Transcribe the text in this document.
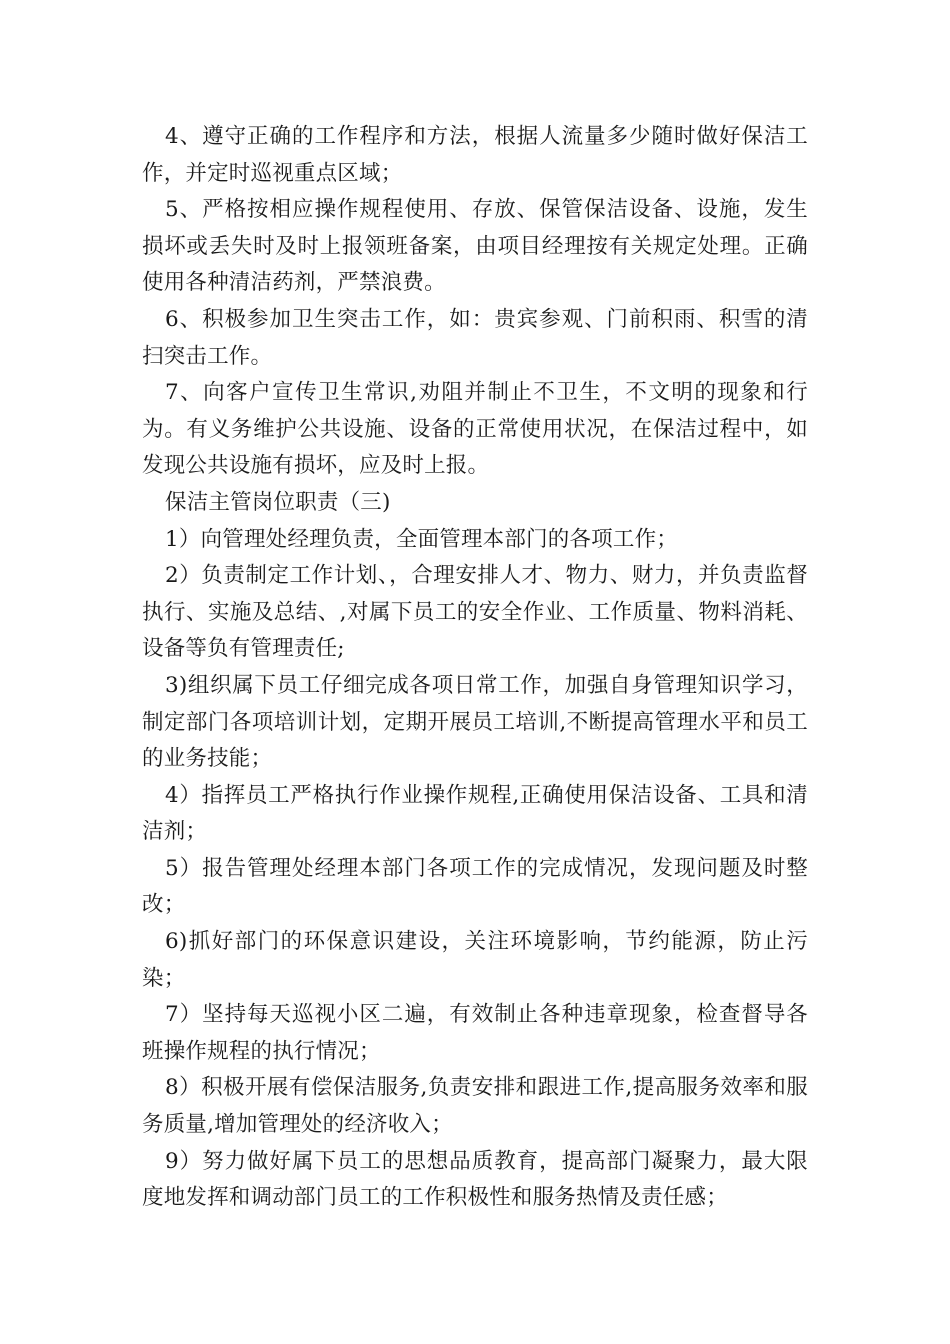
4、遵守正确的工作程序和方法，根据人流量多少随时做好保洁工作，并定时巡视重点区域；

5、严格按相应操作规程使用、存放、保管保洁设备、设施，发生损坏或丢失时及时上报领班备案，由项目经理按有关规定处理。正确使用各种清洁药剂，严禁浪费。

6、积极参加卫生突击工作，如：贵宾参观、门前积雨、积雪的清扫突击工作。

7、向客户宣传卫生常识,劝阻并制止不卫生，不文明的现象和行为。有义务维护公共设施、设备的正常使用状况，在保洁过程中，如发现公共设施有损坏，应及时上报。

保洁主管岗位职责（三)

1）向管理处经理负责，全面管理本部门的各项工作；

2）负责制定工作计划、，合理安排人才、物力、财力，并负责监督执行、实施及总结、,对属下员工的安全作业、工作质量、物料消耗、设备等负有管理责任;

3)组织属下员工仔细完成各项日常工作，加强自身管理知识学习，制定部门各项培训计划，定期开展员工培训,不断提高管理水平和员工的业务技能；

4）指挥员工严格执行作业操作规程,正确使用保洁设备、工具和清洁剂；

5）报告管理处经理本部门各项工作的完成情况，发现问题及时整改；

6)抓好部门的环保意识建设，关注环境影响，节约能源，防止污染；

7）坚持每天巡视小区二遍，有效制止各种违章现象，检查督导各班操作规程的执行情况；

8）积极开展有偿保洁服务,负责安排和跟进工作,提高服务效率和服务质量,增加管理处的经济收入；

9）努力做好属下员工的思想品质教育，提高部门凝聚力，最大限度地发挥和调动部门员工的工作积极性和服务热情及责任感；
